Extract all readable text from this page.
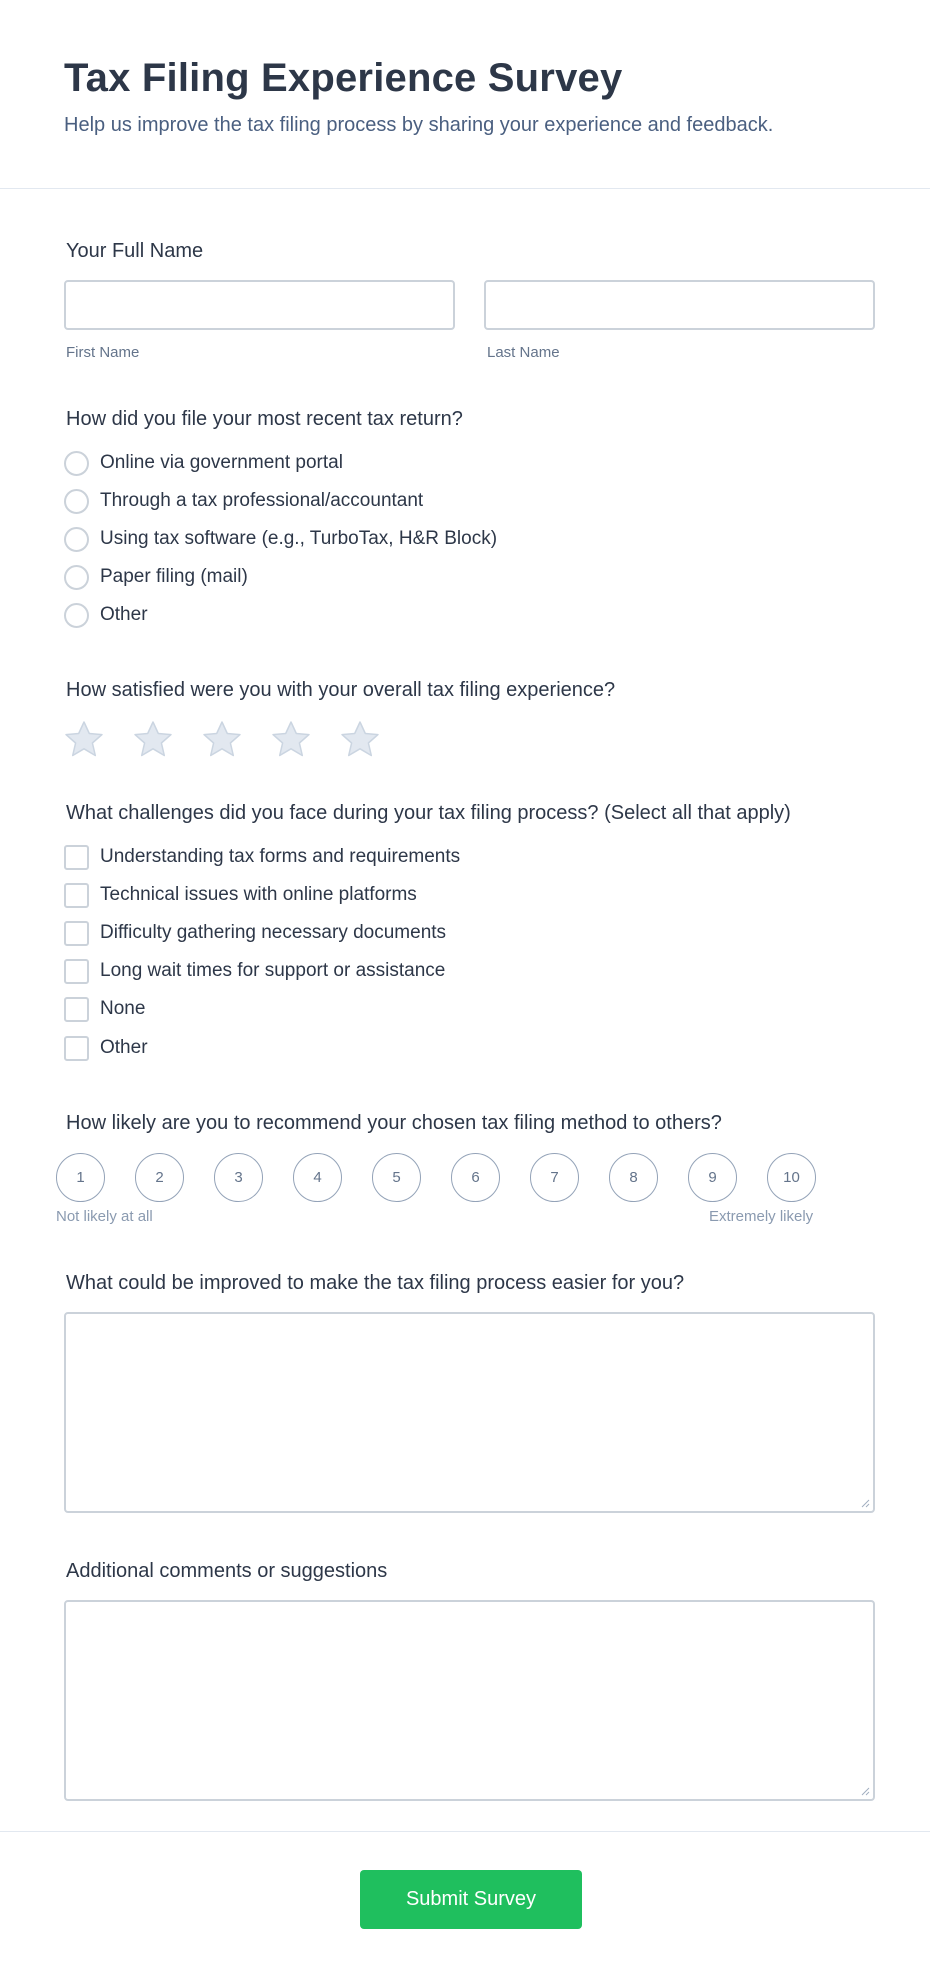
Tax Filing Experience Survey

Help us improve the tax filing process by sharing your experience and feedback.

Your Full Name
First Name	Last Name
How did you file your most recent tax return?
Online via government portal
Through a tax professional/accountant
Using tax software (e.g., TurboTax, H&R Block)
Paper filing (mail)
Other
How satisfied were you with your overall tax filing experience?
What challenges did you face during your tax filing process? (Select all that apply)
Understanding tax forms and requirements
Technical issues with online platforms
Difficulty gathering necessary documents
Long wait times for support or assistance
None
Other
How likely are you to recommend your chosen tax filing method to others?
1	2	3	4	5	6	7	8	9	10
Not likely at all	Extremely likely
What could be improved to make the tax filing process easier for you?
Additional comments or suggestions
Submit Survey
